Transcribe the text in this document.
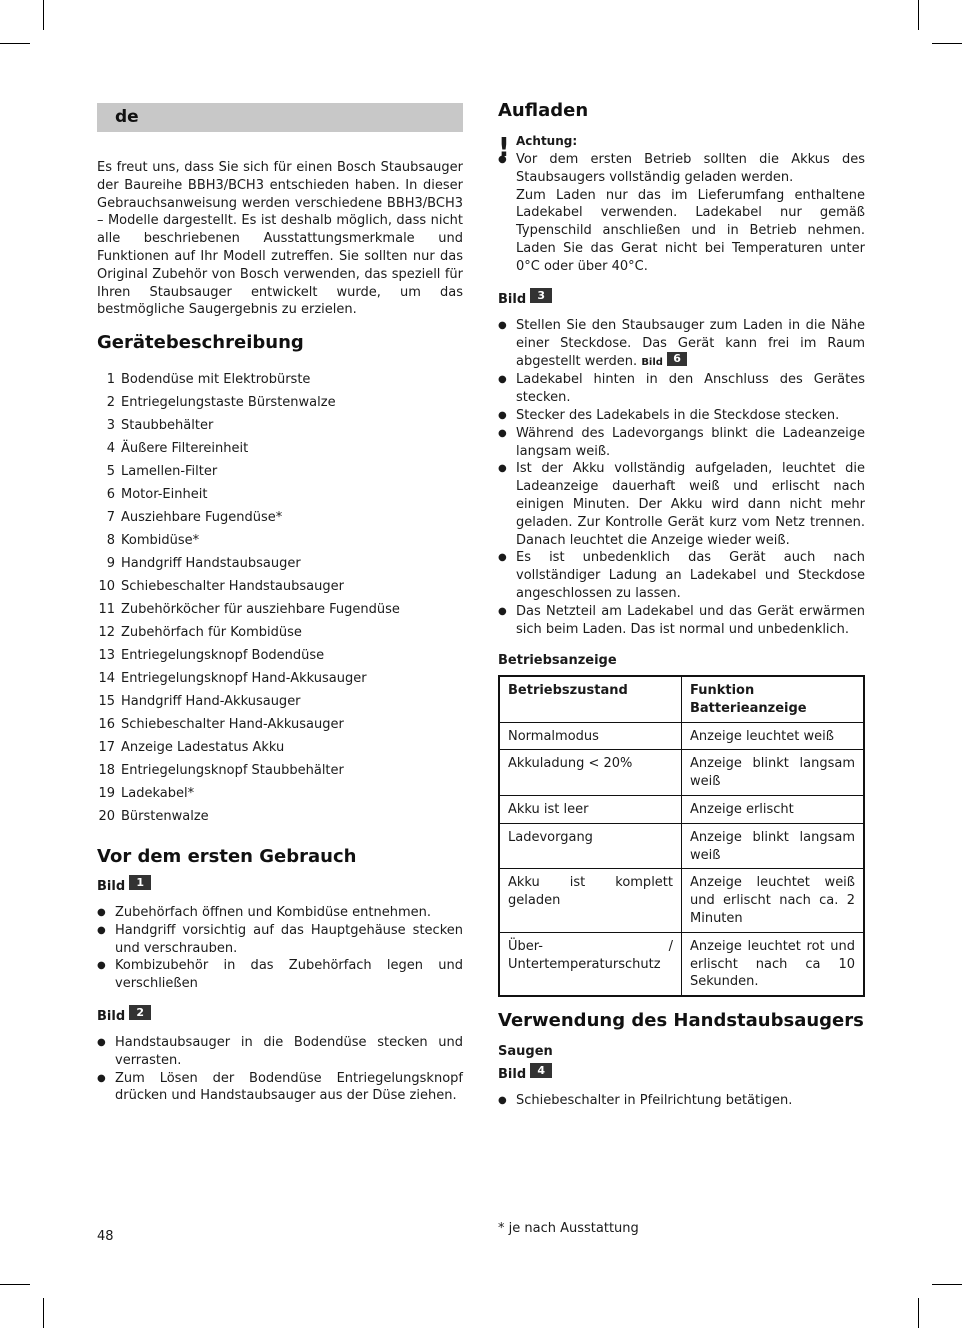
de

Es freut uns, dass Sie sich für einen Bosch Staubsauger der Baureihe BBH3/BCH3 entschieden haben. In dieser Gebrauchsanweisung werden verschiedene BBH3/BCH3 – Modelle dargestellt. Es ist deshalb möglich, dass nicht alle beschriebenen Ausstattungsmerkmale und Funktionen auf Ihr Modell zutreffen. Sie sollten nur das Original Zubehör von Bosch verwenden, das speziell für Ihren Staubsauger entwickelt wurde, um das bestmögliche Saugergebnis zu erzielen.

Gerätebeschreibung
1 Bodendüse mit Elektrobürste
2 Entriegelungstaste Bürstenwalze
3 Staubbehälter
4 Äußere Filtereinheit
5 Lamellen-Filter
6 Motor-Einheit
7 Ausziehbare Fugendüse*
8 Kombidüse*
9 Handgriff Handstaubsauger
10 Schiebeschalter Handstaubsauger
11 Zubehörköcher für ausziehbare Fugendüse
12 Zubehörfach für Kombidüse
13 Entriegelungsknopf Bodendüse
14 Entriegelungsknopf Hand-Akkusauger
15 Handgriff Hand-Akkusauger
16 Schiebeschalter Hand-Akkusauger
17 Anzeige Ladestatus Akku
18 Entriegelungsknopf Staubbehälter
19 Ladekabel*
20 Bürstenwalze
Vor dem ersten Gebrauch
Bild	1
● Zubehörfach öffnen und Kombidüse entnehmen.
● Handgriff vorsichtig auf das Hauptgehäuse stecken und verschrauben.
● Kombizubehör in das Zubehörfach legen und verschließen
Bild	2
● Handstaubsauger in die Bodendüse stecken und verrasten.
● Zum Lösen der Bodendüse Entriegelungsknopf drücken und Handstaubsauger aus der Düse ziehen.
Aufladen
! Achtung:
● Vor dem ersten Betrieb sollten die Akkus des Staubsaugers vollständig geladen werden.
Zum Laden nur das im Lieferumfang enthaltene Ladekabel verwenden. Ladekabel nur gemäß Typenschild anschließen und in Betrieb nehmen. Laden Sie das Gerat nicht bei Temperaturen unter 0°C oder über 40°C.
Bild	3
● Stellen Sie den Staubsauger zum Laden in die Nähe einer Steckdose. Das Gerät kann frei im Raum abgestellt werden. Bild 6
● Ladekabel hinten in den Anschluss des Gerätes stecken.
● Stecker des Ladekabels in die Steckdose stecken.
● Während des Ladevorgangs blinkt die Ladeanzeige langsam weiß.
● Ist der Akku vollständig aufgeladen, leuchtet die Ladeanzeige dauerhaft weiß und erlischt nach einigen Minuten. Der Akku wird dann nicht mehr geladen. Zur Kontrolle Gerät kurz vom Netz trennen. Danach leuchtet die Anzeige wieder weiß.
● Es ist unbedenklich das Gerät auch nach vollständiger Ladung an Ladekabel und Steckdose angeschlossen zu lassen.
● Das Netzteil am Ladekabel und das Gerät erwärmen sich beim Laden. Das ist normal und unbedenklich.
Betriebsanzeige
Betriebszustand	Funktion Batterieanzeige
Normalmodus	Anzeige leuchtet weiß
Akkuladung < 20%	Anzeige blinkt langsam weiß
Akku ist leer	Anzeige erlischt
Ladevorgang	Anzeige blinkt langsam weiß
Akku ist komplett geladen	Anzeige leuchtet weiß und erlischt nach ca. 2 Minuten
Über- / Untertemperaturschutz	Anzeige leuchtet rot und erlischt nach ca 10 Sekunden.
Verwendung des Handstaubsaugers
Saugen
Bild	4
● Schiebeschalter in Pfeilrichtung betätigen.
* je nach Ausstattung
48
